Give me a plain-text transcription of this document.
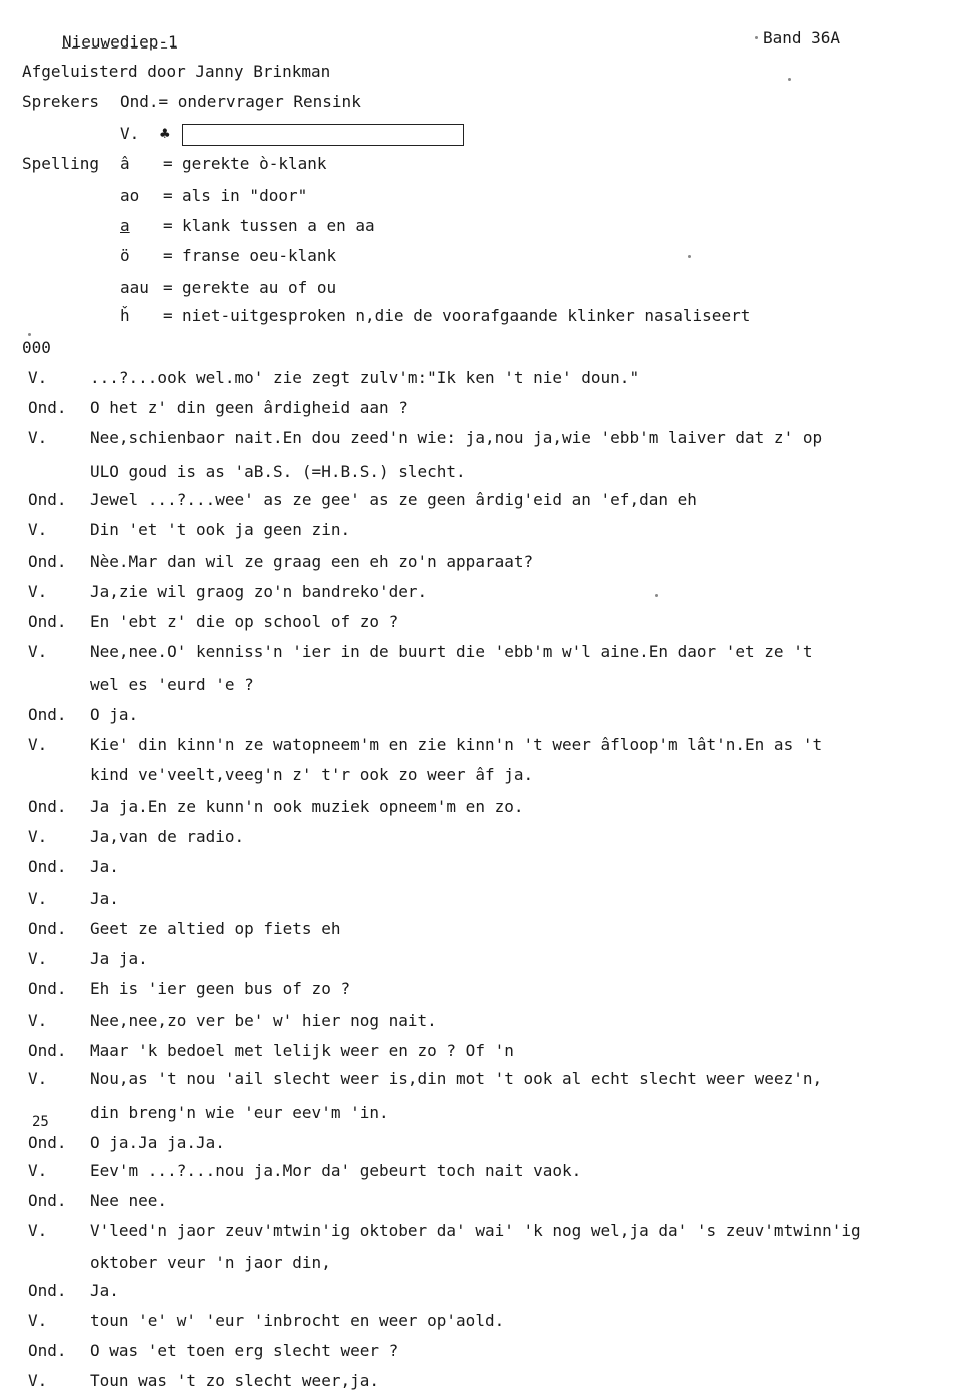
Nieuwediep-1	Band 36A
Afgeluisterd door Janny Brinkman
Sprekers Ond.= ondervrager Rensink
V. ♣
Spelling â = gerekte ò-klank
ao = als in "door"
a = klank tussen a en aa
ö = franse oeu-klank
aau = gerekte au of ou
ȟ = niet-uitgesproken n,die de voorafgaande klinker nasaliseert
000
V.	...?...ook wel.mo' zie zegt zulv'm:"Ik ken 't nie' doun."
Ond. O het z' din geen ârdigheid aan ?
V.	Nee,schienbaor nait.En dou zeed'n wie: ja,nou ja,wie 'ebb'm laiver dat z' op
ULO goud is as 'aB.S. (=H.B.S.) slecht.
Ond. Jewel ...?...wee' as ze gee' as ze geen ârdig'eid an 'ef,dan eh
V.	Din 'et 't ook ja geen zin.
Ond. Nèe.Mar dan wil ze graag een eh zo'n apparaat?
V.	Ja,zie wil graog zo'n bandreko'der.
Ond. En 'ebt z' die op school of zo ?
V.	Nee,nee.O' kenniss'n 'ier in de buurt die 'ebb'm w'l aine.En daor 'et ze 't
wel es 'eurd 'e ?
Ond. O ja.
V.	Kie' din kinn'n ze watopneem'm en zie kinn'n 't weer âfloop'm lât'n.En as 't
kind ve'veelt,veeg'n z' t'r ook zo weer âf ja.
Ond. Ja ja.En ze kunn'n ook muziek opneem'm en zo.
V.	Ja,van de radio.
Ond. Ja.
V.	Ja.
Ond. Geet ze altied op fiets eh
V.	Ja ja.
Ond. Eh is 'ier geen bus of zo ?
V.	Nee,nee,zo ver be' w' hier nog nait.
Ond. Maar 'k bedoel met lelijk weer en zo ? Of 'n
V.	Nou,as 't nou 'ail slecht weer is,din mot 't ook al echt slecht weer weez'n,
din breng'n wie 'eur eev'm 'in.
Ond. O ja.Ja ja.Ja.
V.	Eev'm ...?...nou ja.Mor da' gebeurt toch nait vaok.
Ond. Nee nee.
V.	V'leed'n jaor zeuv'mtwin'ig oktober da' wai' 'k nog wel,ja da' 's zeuv'mtwinn'ig
oktober veur 'n jaor din,
Ond. Ja.
V.	toun 'e' w' 'eur 'inbrocht en weer op'aold.
Ond. O was 'et toen erg slecht weer ?
V.	Toun was 't zo slecht weer,ja.
25
